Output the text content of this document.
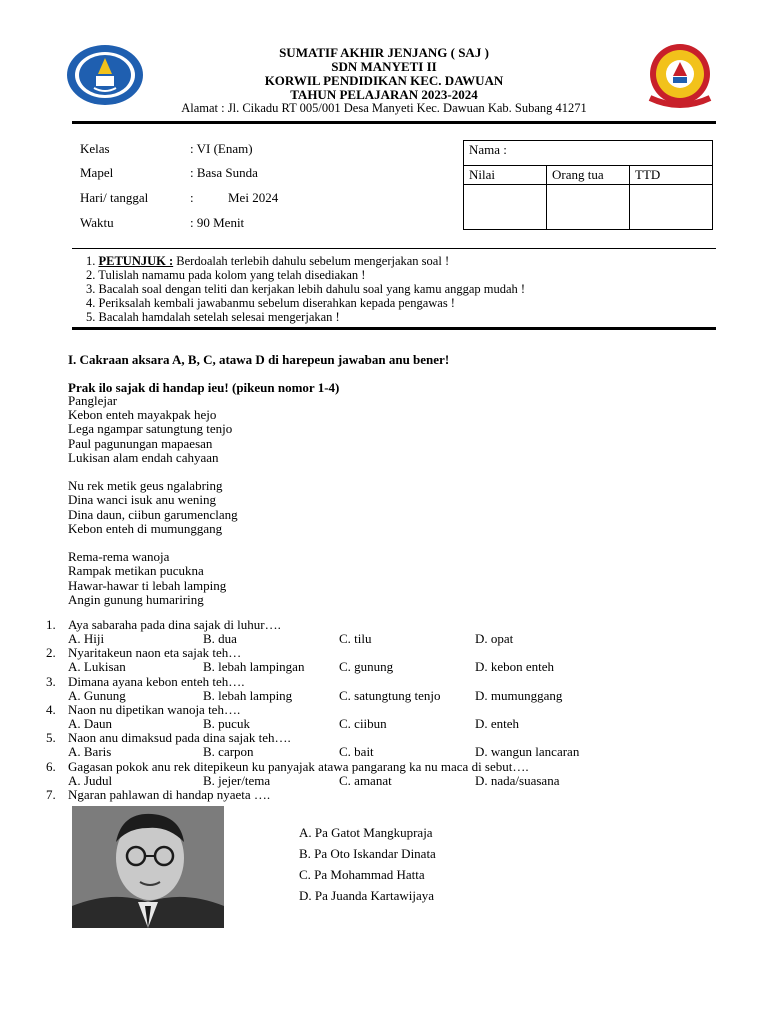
SUMATIF AKHIR JENJANG ( SAJ )
SDN MANYETI II
KORWIL PENDIDIKAN KEC. DAWUAN
TAHUN PELAJARAN 2023-2024
Alamat : Jl. Cikadu RT 005/001 Desa Manyeti Kec. Dawuan Kab. Subang 41271
Kelas	: VI (Enam)
Mapel	: Basa Sunda
Hari/ tanggal	:	Mei 2024
Waktu	: 90 Menit
Nama :		
Nilai	Orang tua	TTD

1. PETUNJUK : Berdoalah terlebih dahulu sebelum mengerjakan soal !
2. Tulislah namamu pada kolom yang telah disediakan !
3. Bacalah soal dengan teliti dan kerjakan lebih dahulu soal yang kamu anggap mudah !
4. Periksalah kembali jawabanmu sebelum diserahkan kepada pengawas !
5. Bacalah hamdalah setelah selesai mengerjakan !
I. Cakraan aksara A, B, C, atawa D di harepeun jawaban anu bener!
Prak ilo sajak di handap ieu! (pikeun nomor 1-4)
Panglejar
Kebon enteh mayakpak hejo
Lega ngampar satungtung tenjo
Paul pagunungan mapaesan
Lukisan alam endah cahyaan
Nu rek metik geus ngalabring
Dina wanci isuk anu wening
Dina daun, ciibun garumenclang
Kebon enteh di mumunggang
Rema-rema wanoja
Rampak metikan pucukna
Hawar-hawar ti lebah lamping
Angin gunung humariring
1. Aya sabaraha pada dina sajak di luhur….
A. Hiji	B. dua	C. tilu	D. opat
2. Nyaritakeun naon eta sajak teh…
A. Lukisan	B. lebah lampingan	C. gunung	D. kebon enteh
3. Dimana ayana kebon enteh teh….
A. Gunung	B. lebah lamping	C. satungtung tenjo	D. mumunggang
4. Naon nu dipetikan wanoja teh….
A. Daun	B. pucuk	C. ciibun	D. enteh
5. Naon anu dimaksud pada dina sajak teh….
A. Baris	B. carpon	C. bait	D. wangun lancaran
6. Gagasan pokok anu rek ditepikeun ku panyajak atawa pangarang ka nu maca di sebut….
A. Judul	B. jejer/tema	C. amanat	D. nada/suasana
7. Ngaran pahlawan di handap nyaeta ….
A. Pa Gatot Mangkupraja
B. Pa Oto Iskandar Dinata
C. Pa Mohammad Hatta
D. Pa Juanda Kartawijaya
